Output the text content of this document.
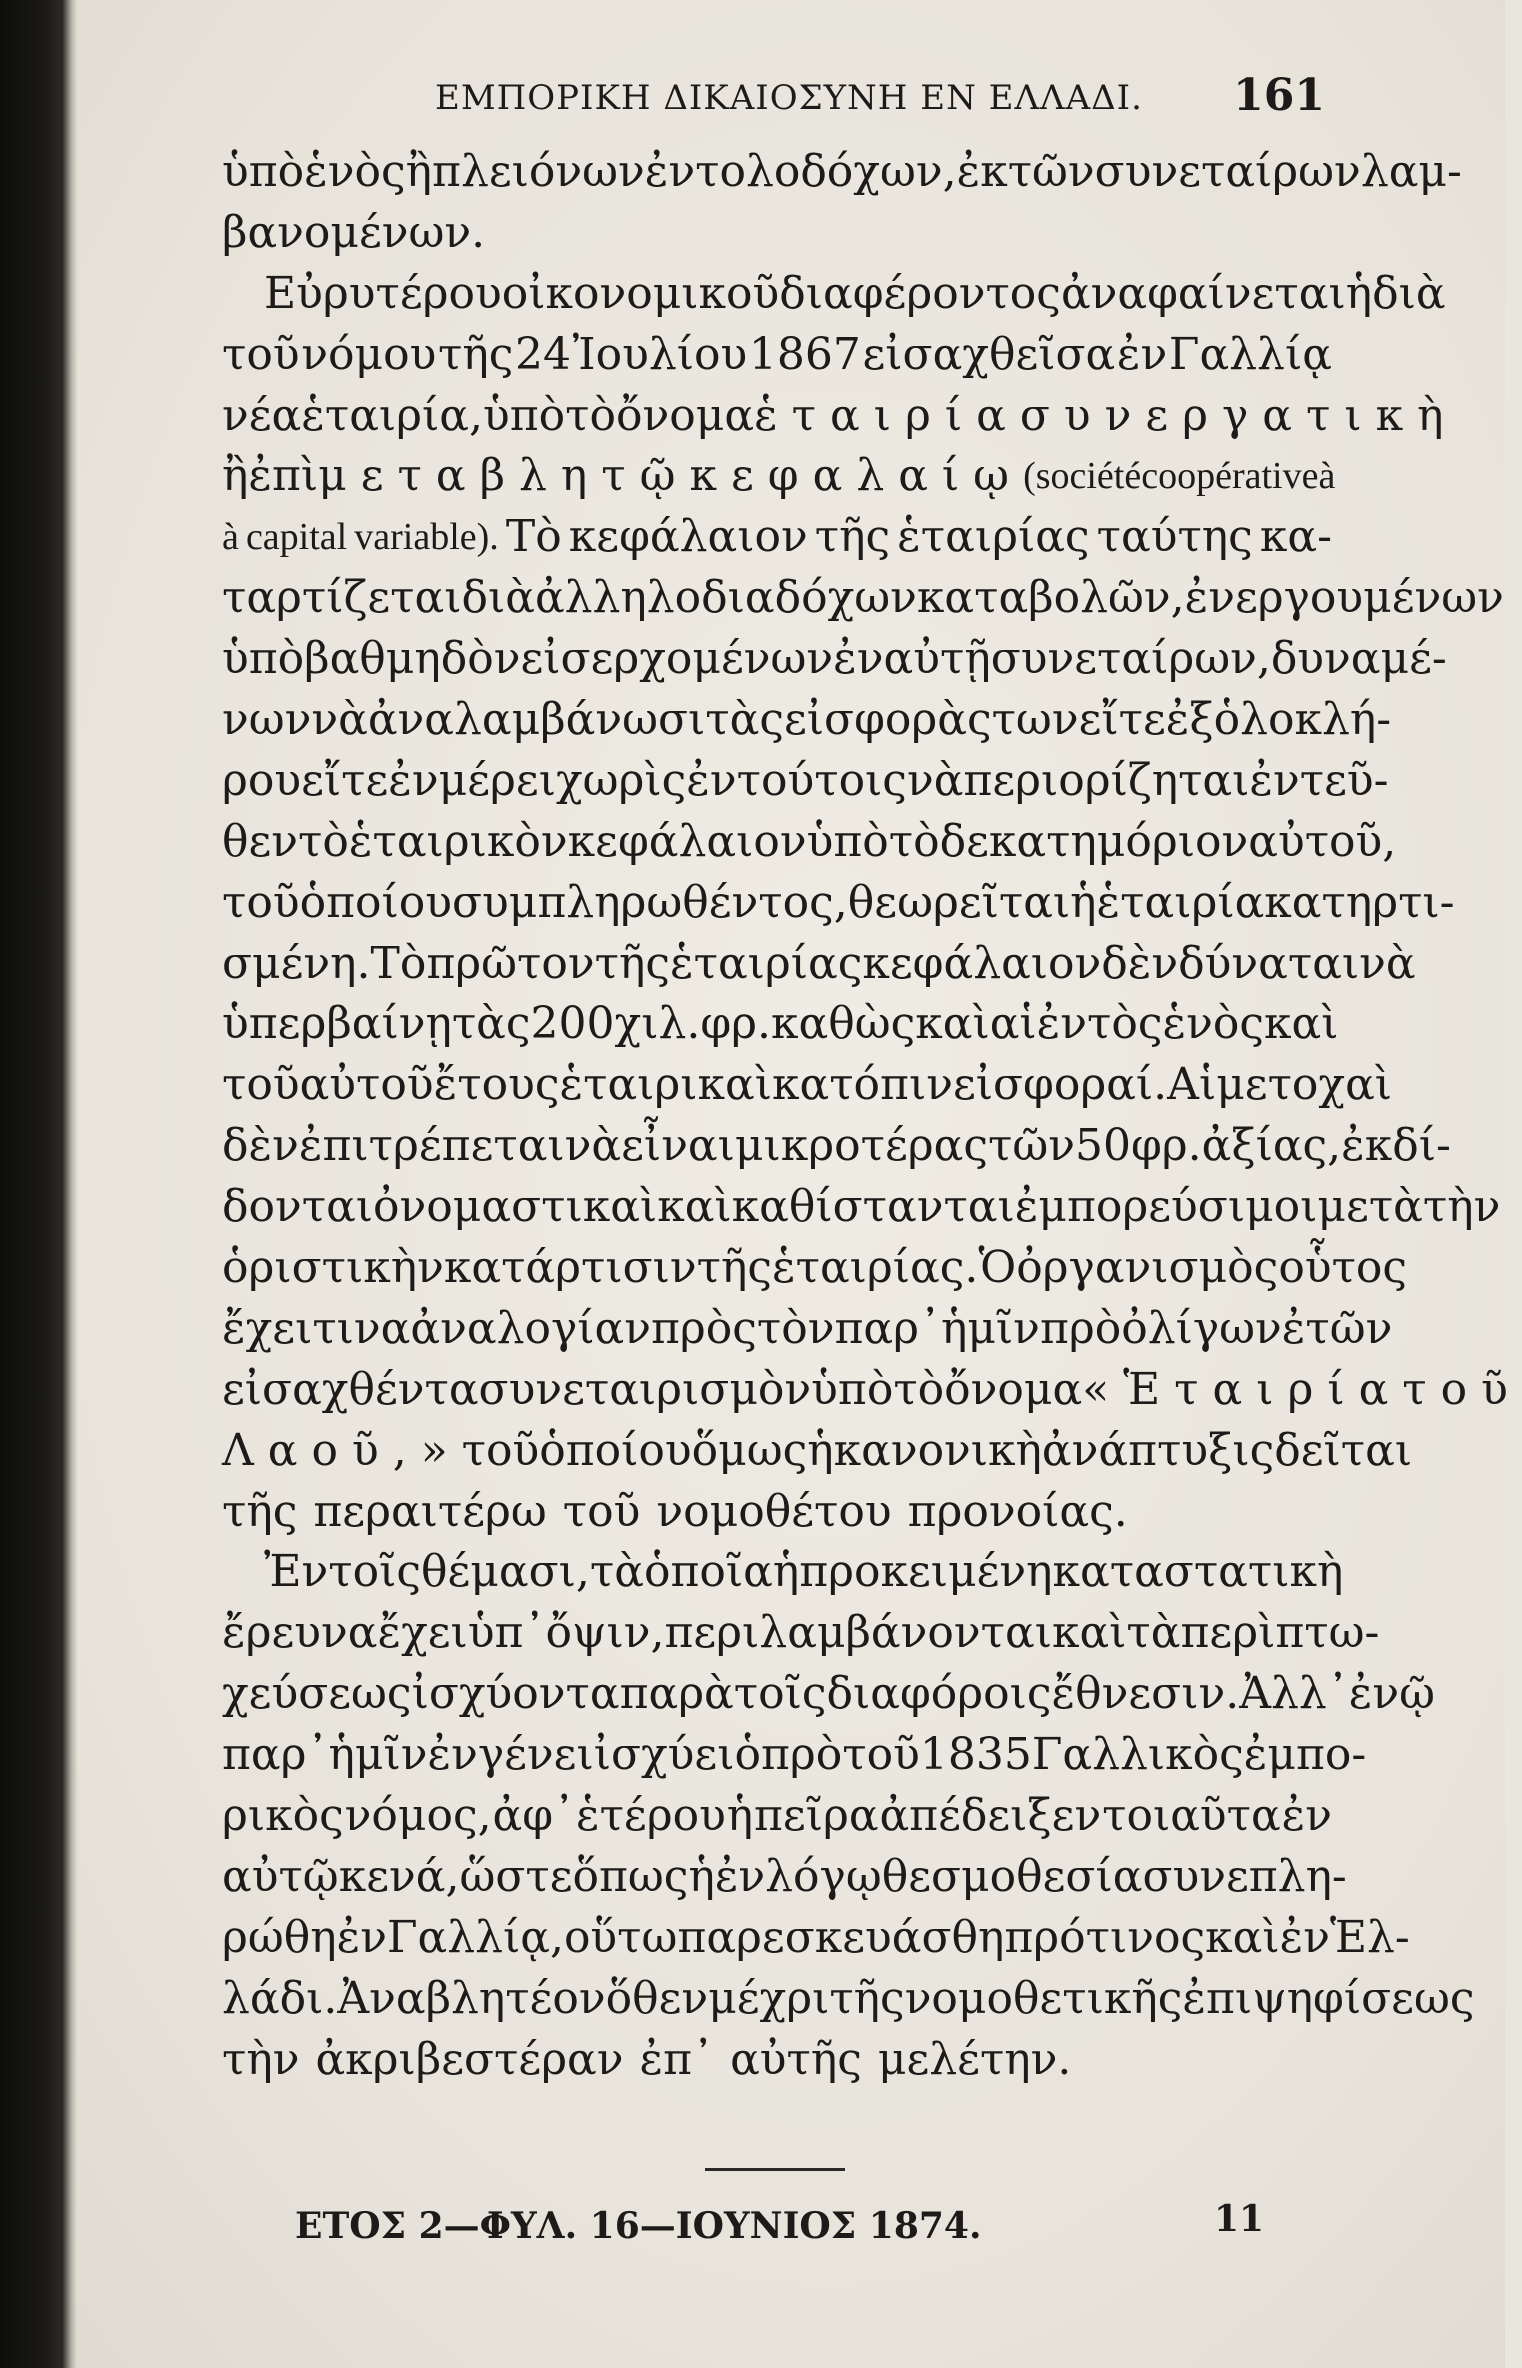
ΕΜΠΟΡΙΚΗ ΔΙΚΑΙΟΣΥΝΗ ΕΝ ΕΛΛΑΔΙ. 161
ὑπὸ ἑνὸς ἢ πλειόνων ἐντολοδόχων, ἐκ τῶν συνεταίρων λαμ-
βανομένων.
Εὐρυτέρου οἰκονομικοῦ διαφέροντος ἀναφαίνεται ἡ διὰ
τοῦ νόμου τῆς 24 Ἰουλίου 1867 εἰσαχθεῖσα ἐν Γαλλίᾳ
νέα ἑταιρία, ὑπὸ τὸ ὄνομα ἑταιρία συνεργατικὴ
ἢ ἐπὶ μεταβλητῷ κεφαλαίῳ (société coopérative à
à capital variable). Τὸ κεφάλαιον τῆς ἑταιρίας ταύτης κα-
ταρτίζεται διὰ ἀλληλοδιαδόχων καταβολῶν, ἐνεργουμένων
ὑπὸ βαθμηδὸν εἰσερχομένων ἐν αὐτῇ συνεταίρων, δυναμέ-
νων νὰ ἀναλαμβάνωσι τὰς εἰσφορὰς των εἴτε ἐξ ὁλοκλή-
ρου εἴτε ἐν μέρει χωρὶς ἐν τούτοις νὰ περιορίζηται ἐντεῦ-
θεν τὸ ἑταιρικὸν κεφάλαιον ὑπὸ τὸ δεκατημόριον αὐτοῦ,
τοῦ ὁποίου συμπληρωθέντος, θεωρεῖται ἡ ἑταιρία κατηρτι-
σμένη. Τὸ πρῶτον τῆς ἑταιρίας κεφάλαιον δὲν δύναται νὰ
ὑπερβαίνῃ τὰς 200 χιλ. φρ. καθὼς καὶ αἱ ἐντὸς ἑνὸς καὶ
τοῦ αὐτοῦ ἔτους ἑταιρικαὶ κατόπιν εἰσφοραί. Αἱ μετοχαὶ
δὲν ἐπιτρέπεται νὰ εἶναι μικροτέρας τῶν 50 φρ. ἀξίας, ἐκδί-
δονται ὀνομαστικαὶ καὶ καθίστανται ἐμπορεύσιμοι μετὰ τὴν
ὁριστικὴν κατάρτισιν τῆς ἑταιρίας. Ὁ ὀργανισμὸς οὗτος
ἔχει τινα ἀναλογίαν πρὸς τὸν παρ᾽ ἡμῖν πρὸ ὀλίγων ἐτῶν
εἰσαχθέντα συνεταιρισμὸν ὑπὸ τὸ ὄνομα «Ἑταιρία τοῦ
Λαοῦ,» τοῦ ὁποίου ὅμως ἡ κανονικὴ ἀνάπτυξις δεῖται
τῆς περαιτέρω τοῦ νομοθέτου προνοίας.
Ἐν τοῖς θέμασι, τὰ ὁποῖα ἡ προκειμένη καταστατικὴ
ἔρευνα ἔχει ὑπ᾽ ὄψιν, περιλαμβάνονται καὶ τὰ περὶ πτω-
χεύσεως ἰσχύοντα παρὰ τοῖς διαφόροις ἔθνεσιν. Ἀλλ᾽ ἐνῷ
παρ᾽ ἡμῖν ἐν γένει ἰσχύει ὁ πρὸ τοῦ 1835 Γαλλικὸς ἐμπο-
ρικὸς νόμος, ἀφ᾽ ἑτέρου ἡ πεῖρα ἀπέδειξεν τοιαῦτα ἐν
αὐτῷ κενά, ὥστε ὅπως ἡ ἐν λόγῳ θεσμοθεσία συνεπλη-
ρώθη ἐν Γαλλίᾳ, οὕτω παρεσκευάσθη πρό τινος καὶ ἐν Ἑλ-
λάδι. Ἀναβλητέον ὅθεν μέχρι τῆς νομοθετικῆς ἐπιψηφίσεως
τὴν ἀκριβεστέραν ἐπ᾽ αὐτῆς μελέτην.
ΕΤΟΣ 2—ΦΥΛ. 16—ΙΟΥΝΙΟΣ 1874.	11
